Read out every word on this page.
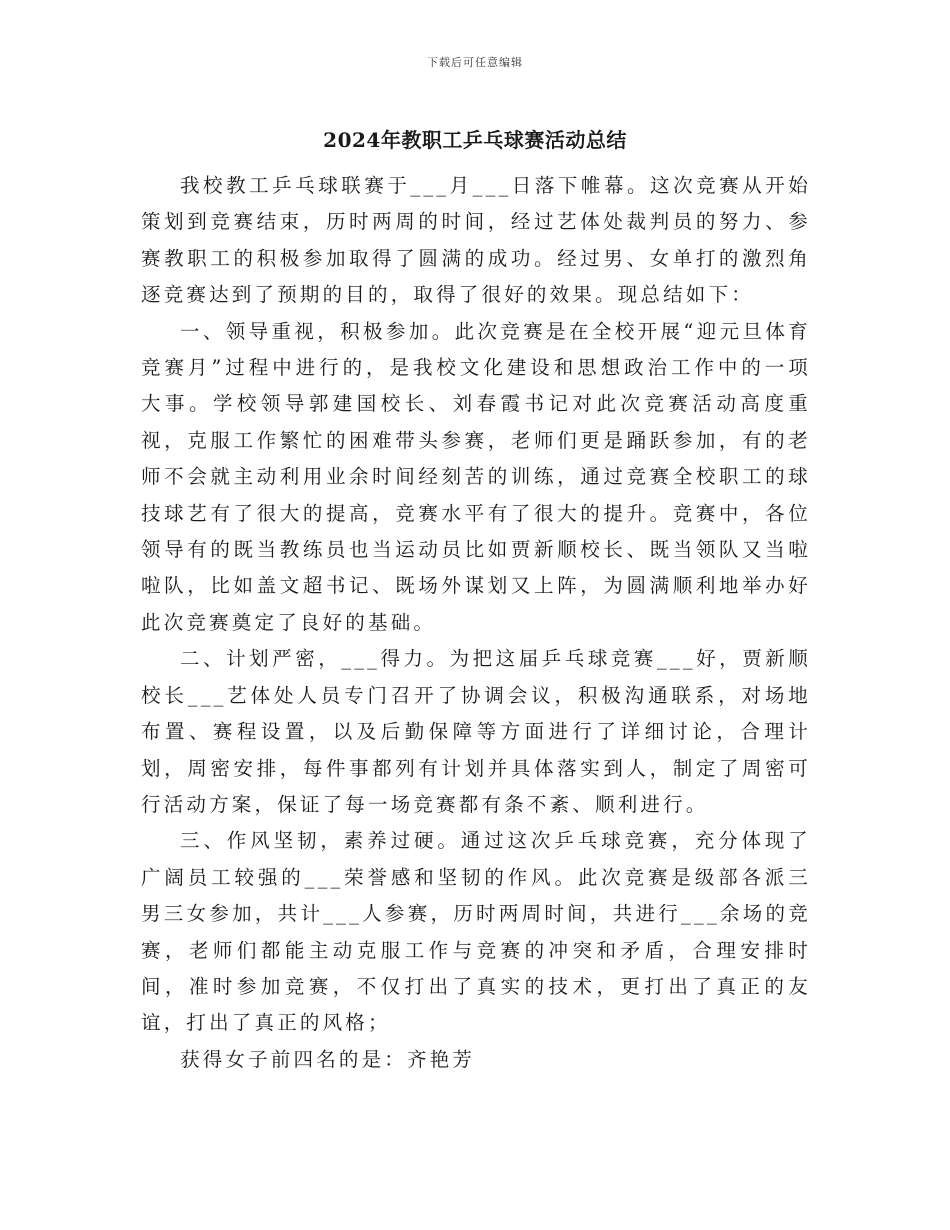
下载后可任意编辑
2024年教职工乒乓球赛活动总结

我校教工乒乓球联赛于___月___日落下帷幕。这次竞赛从开始策划到竞赛结束，历时两周的时间，经过艺体处裁判员的努力、参赛教职工的积极参加取得了圆满的成功。经过男、女单打的激烈角逐竞赛达到了预期的目的，取得了很好的效果。现总结如下：

一、领导重视，积极参加。此次竞赛是在全校开展“迎元旦体育竞赛月”过程中进行的，是我校文化建设和思想政治工作中的一项大事。学校领导郭建国校长、刘春霞书记对此次竞赛活动高度重视，克服工作繁忙的困难带头参赛，老师们更是踊跃参加，有的老师不会就主动利用业余时间经刻苦的训练，通过竞赛全校职工的球技球艺有了很大的提高，竞赛水平有了很大的提升。竞赛中，各位领导有的既当教练员也当运动员比如贾新顺校长、既当领队又当啦啦队，比如盖文超书记、既场外谋划又上阵，为圆满顺利地举办好此次竞赛奠定了良好的基础。

二、计划严密，___得力。为把这届乒乓球竞赛___好，贾新顺校长___艺体处人员专门召开了协调会议，积极沟通联系，对场地布置、赛程设置，以及后勤保障等方面进行了详细讨论，合理计划，周密安排，每件事都列有计划并具体落实到人，制定了周密可行活动方案，保证了每一场竞赛都有条不紊、顺利进行。

三、作风坚韧，素养过硬。通过这次乒乓球竞赛，充分体现了广阔员工较强的___荣誉感和坚韧的作风。此次竞赛是级部各派三男三女参加，共计___人参赛，历时两周时间，共进行___余场的竞赛，老师们都能主动克服工作与竞赛的冲突和矛盾，合理安排时间，准时参加竞赛，不仅打出了真实的技术，更打出了真正的友谊，打出了真正的风格；

获得女子前四名的是：齐艳芳
